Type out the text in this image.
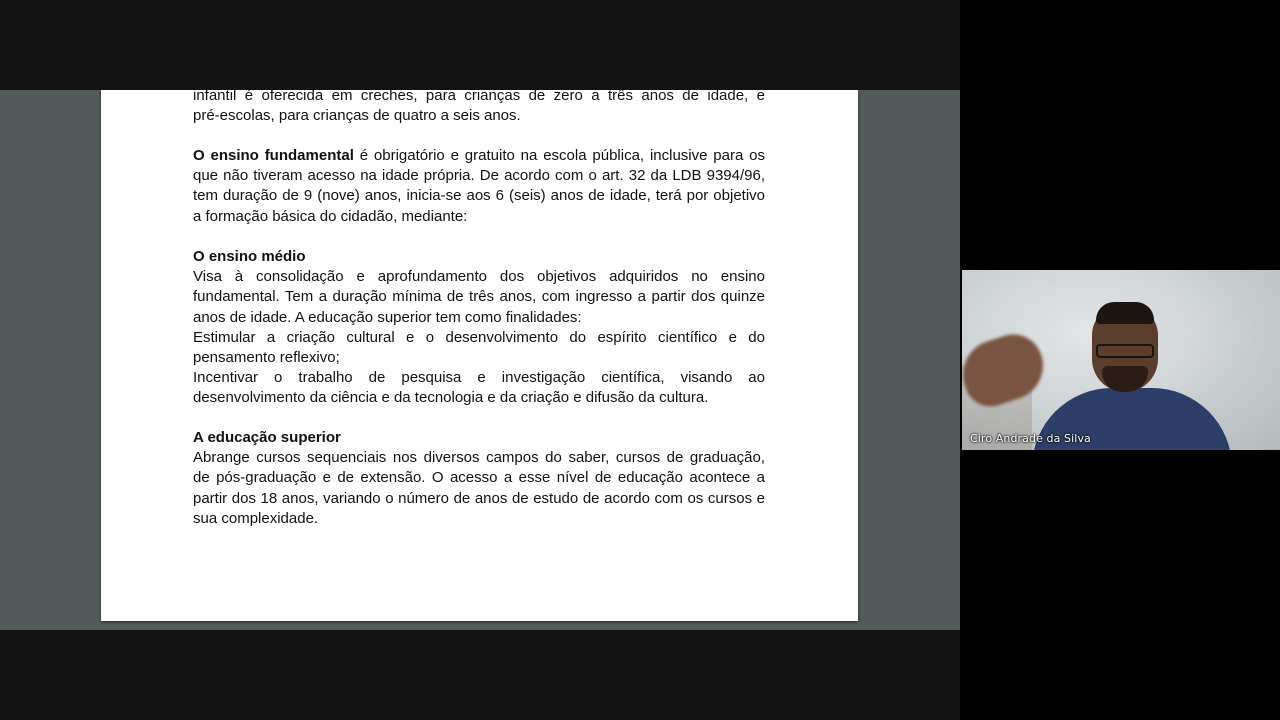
infantil é oferecida em creches, para crianças de zero a três anos de idade, e
pré-escolas, para crianças de quatro a seis anos.
O ensino fundamental é obrigatório e gratuito na escola pública, inclusive para os
que não tiveram acesso na idade própria. De acordo com o art. 32 da LDB 9394/96,
tem duração de 9 (nove) anos, inicia-se aos 6 (seis) anos de idade, terá por objetivo
a formação básica do cidadão, mediante:
O ensino médio
Visa à consolidação e aprofundamento dos objetivos adquiridos no ensino
fundamental. Tem a duração mínima de três anos, com ingresso a partir dos quinze
anos de idade. A educação superior tem como finalidades:
Estimular a criação cultural e o desenvolvimento do espírito científico e do
pensamento reflexivo;
Incentivar o trabalho de pesquisa e investigação científica, visando ao
desenvolvimento da ciência e da tecnologia e da criação e difusão da cultura.
A educação superior
Abrange cursos sequenciais nos diversos campos do saber, cursos de graduação,
de pós-graduação e de extensão. O acesso a esse nível de educação acontece a
partir dos 18 anos, variando o número de anos de estudo de acordo com os cursos e
sua complexidade.
Ciro Andrade da Silva
